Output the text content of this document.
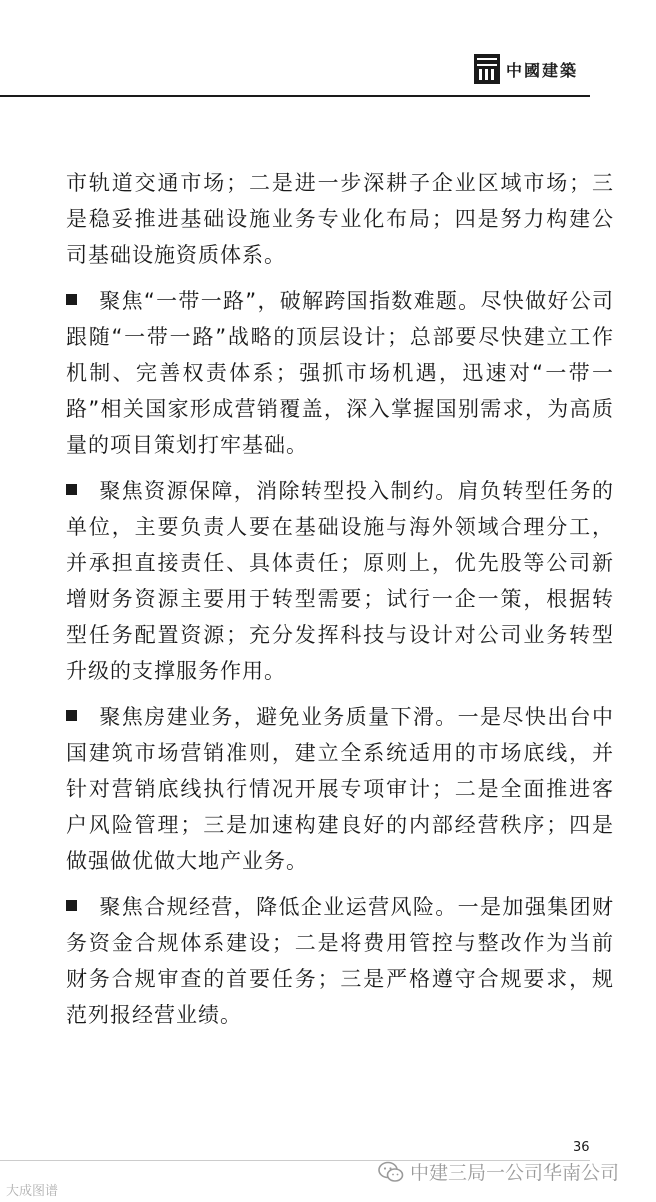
中國建築

市轨道交通市场；二是进一步深耕子企业区域市场；三是稳妥推进基础设施业务专业化布局；四是努力构建公司基础设施资质体系。

聚焦“一带一路”，破解跨国指数难题。尽快做好公司跟随“一带一路”战略的顶层设计；总部要尽快建立工作机制、完善权责体系；强抓市场机遇，迅速对“一带一路”相关国家形成营销覆盖，深入掌握国别需求，为高质量的项目策划打牢基础。

聚焦资源保障，消除转型投入制约。肩负转型任务的单位，主要负责人要在基础设施与海外领域合理分工，并承担直接责任、具体责任；原则上，优先股等公司新增财务资源主要用于转型需要；试行一企一策，根据转型任务配置资源；充分发挥科技与设计对公司业务转型升级的支撑服务作用。

聚焦房建业务，避免业务质量下滑。一是尽快出台中国建筑市场营销准则，建立全系统适用的市场底线，并针对营销底线执行情况开展专项审计；二是全面推进客户风险管理；三是加速构建良好的内部经营秩序；四是做强做优做大地产业务。

聚焦合规经营，降低企业运营风险。一是加强集团财务资金合规体系建设；二是将费用管控与整改作为当前财务合规审查的首要任务；三是严格遵守合规要求，规范列报经营业绩。

36
中建三局一公司华南公司
大成图谱
